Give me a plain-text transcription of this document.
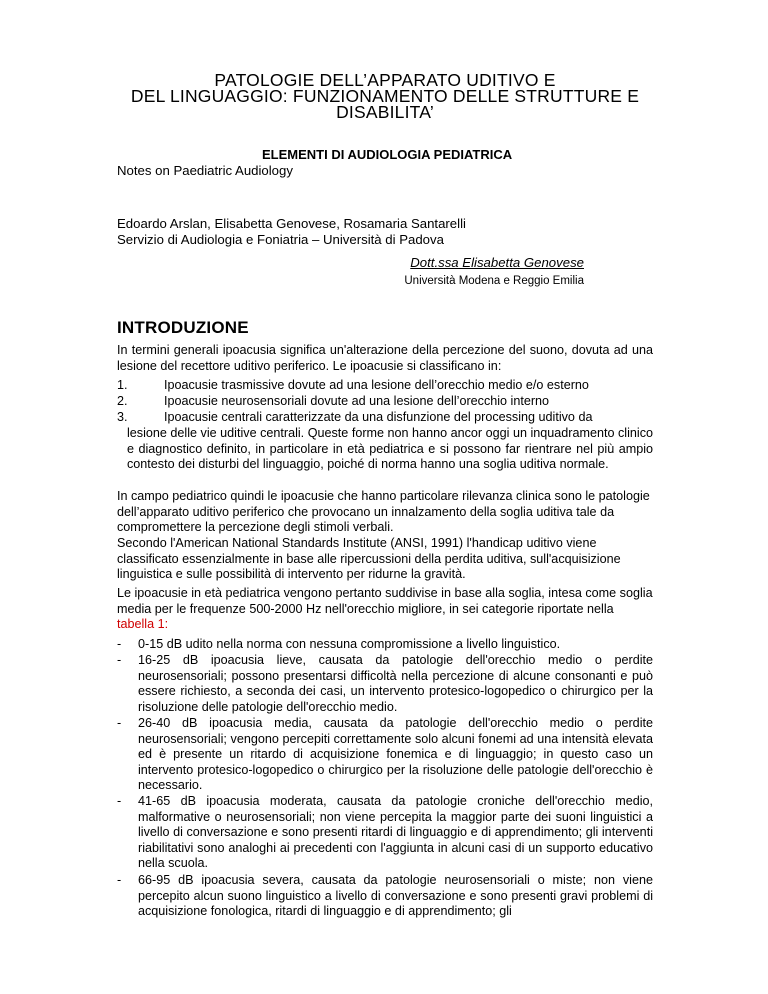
PATOLOGIE DELL’APPARATO UDITIVO E
DEL LINGUAGGIO: FUNZIONAMENTO DELLE STRUTTURE E
DISABILITA’
ELEMENTI DI AUDIOLOGIA PEDIATRICA
Notes on Paediatric Audiology
Edoardo Arslan, Elisabetta Genovese, Rosamaria Santarelli
Servizio di Audiologia e Foniatria – Università di Padova
Dott.ssa Elisabetta Genovese
Università Modena e Reggio Emilia
INTRODUZIONE
In termini generali ipoacusia significa un'alterazione della percezione del suono, dovuta ad una lesione del recettore uditivo periferico. Le ipoacusie si classificano in:
1.	Ipoacusie trasmissive dovute ad una lesione dell’orecchio medio e/o esterno
2.	Ipoacusie neurosensoriali dovute ad una lesione dell’orecchio interno
3.	Ipoacusie centrali caratterizzate da una disfunzione del processing uditivo da
lesione delle vie uditive centrali. Queste forme non hanno ancor oggi un inquadramento clinico e diagnostico definito, in particolare in età pediatrica e si possono far rientrare nel più ampio contesto dei disturbi del linguaggio, poiché di norma hanno una soglia uditiva normale.
In campo pediatrico quindi le ipoacusie che hanno particolare rilevanza clinica sono le patologie dell’apparato uditivo periferico che provocano un innalzamento della soglia uditiva tale da compromettere la percezione degli stimoli verbali.
Secondo l'American National Standards Institute (ANSI, 1991) l'handicap uditivo viene classificato essenzialmente in base alle ripercussioni della perdita uditiva, sull'acquisizione linguistica e sulle possibilità di intervento per ridurne la gravità.
Le ipoacusie in età pediatrica vengono pertanto suddivise in base alla soglia, intesa come soglia media per le frequenze 500-2000 Hz nell'orecchio migliore, in sei categorie riportate nella tabella 1:
- 0-15 dB udito nella norma con nessuna compromissione a livello linguistico.
- 16-25 dB ipoacusia lieve, causata da patologie dell'orecchio medio o perdite neurosensoriali; possono presentarsi difficoltà nella percezione di alcune consonanti e può essere richiesto, a seconda dei casi, un intervento protesico-logopedico o chirurgico per la risoluzione delle patologie dell'orecchio medio.
- 26-40 dB ipoacusia media, causata da patologie dell'orecchio medio o perdite neurosensoriali; vengono percepiti correttamente solo alcuni fonemi ad una intensità elevata ed è presente un ritardo di acquisizione fonemica e di linguaggio; in questo caso un intervento protesico-logopedico o chirurgico per la risoluzione delle patologie dell'orecchio è necessario.
- 41-65 dB ipoacusia moderata, causata da patologie croniche dell'orecchio medio, malformative o neurosensoriali; non viene percepita la maggior parte dei suoni linguistici a livello di conversazione e sono presenti ritardi di linguaggio e di apprendimento; gli interventi riabilitativi sono analoghi ai precedenti con l'aggiunta in alcuni casi di un supporto educativo nella scuola.
- 66-95 dB ipoacusia severa, causata da patologie neurosensoriali o miste; non viene percepito alcun suono linguistico a livello di conversazione e sono presenti gravi problemi di acquisizione fonologica, ritardi di linguaggio e di apprendimento; gli
